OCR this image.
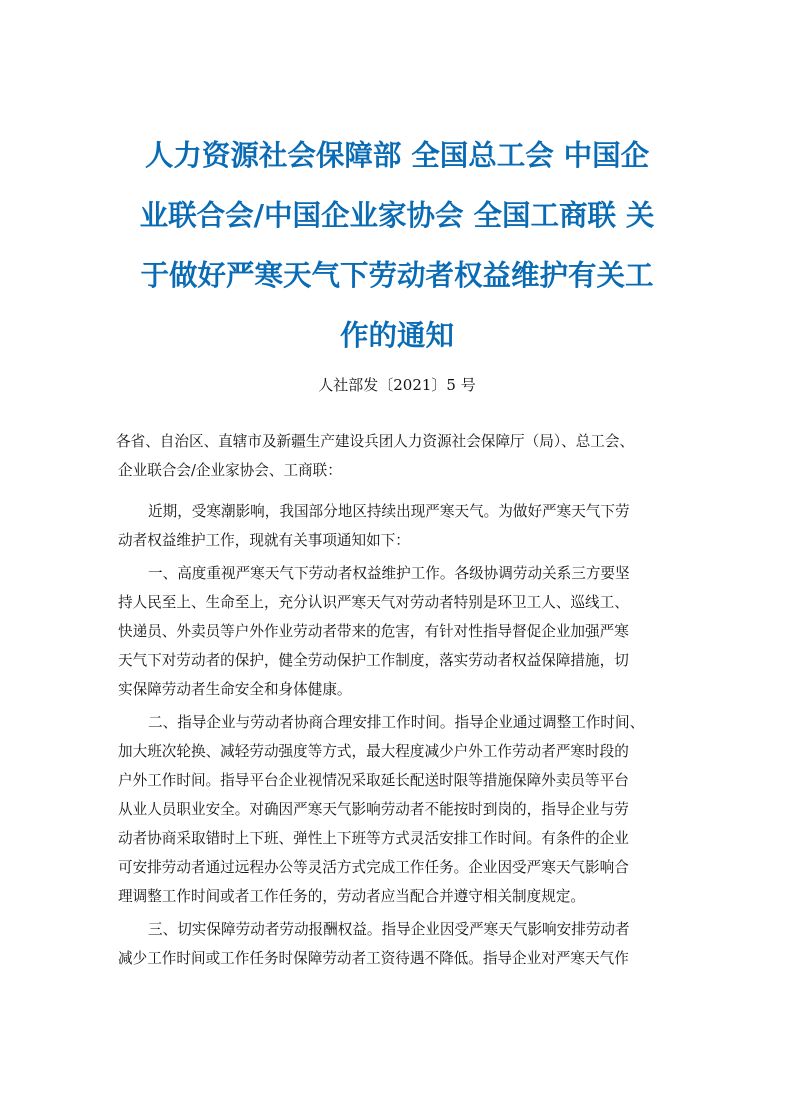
人力资源社会保障部 全国总工会 中国企
业联合会/中国企业家协会 全国工商联 关
于做好严寒天气下劳动者权益维护有关工
作的通知
人社部发〔2021〕5 号
各省、自治区、直辖市及新疆生产建设兵团人力资源社会保障厅（局）、总工会、
企业联合会/企业家协会、工商联：
近期，受寒潮影响，我国部分地区持续出现严寒天气。为做好严寒天气下劳
动者权益维护工作，现就有关事项通知如下：
一、高度重视严寒天气下劳动者权益维护工作。各级协调劳动关系三方要坚
持人民至上、生命至上，充分认识严寒天气对劳动者特别是环卫工人、巡线工、
快递员、外卖员等户外作业劳动者带来的危害，有针对性指导督促企业加强严寒
天气下对劳动者的保护，健全劳动保护工作制度，落实劳动者权益保障措施，切
实保障劳动者生命安全和身体健康。
二、指导企业与劳动者协商合理安排工作时间。指导企业通过调整工作时间、
加大班次轮换、减轻劳动强度等方式，最大程度减少户外工作劳动者严寒时段的
户外工作时间。指导平台企业视情况采取延长配送时限等措施保障外卖员等平台
从业人员职业安全。对确因严寒天气影响劳动者不能按时到岗的，指导企业与劳
动者协商采取错时上下班、弹性上下班等方式灵活安排工作时间。有条件的企业
可安排劳动者通过远程办公等灵活方式完成工作任务。企业因受严寒天气影响合
理调整工作时间或者工作任务的，劳动者应当配合并遵守相关制度规定。
三、切实保障劳动者劳动报酬权益。指导企业因受严寒天气影响安排劳动者
减少工作时间或工作任务时保障劳动者工资待遇不降低。指导企业对严寒天气作
